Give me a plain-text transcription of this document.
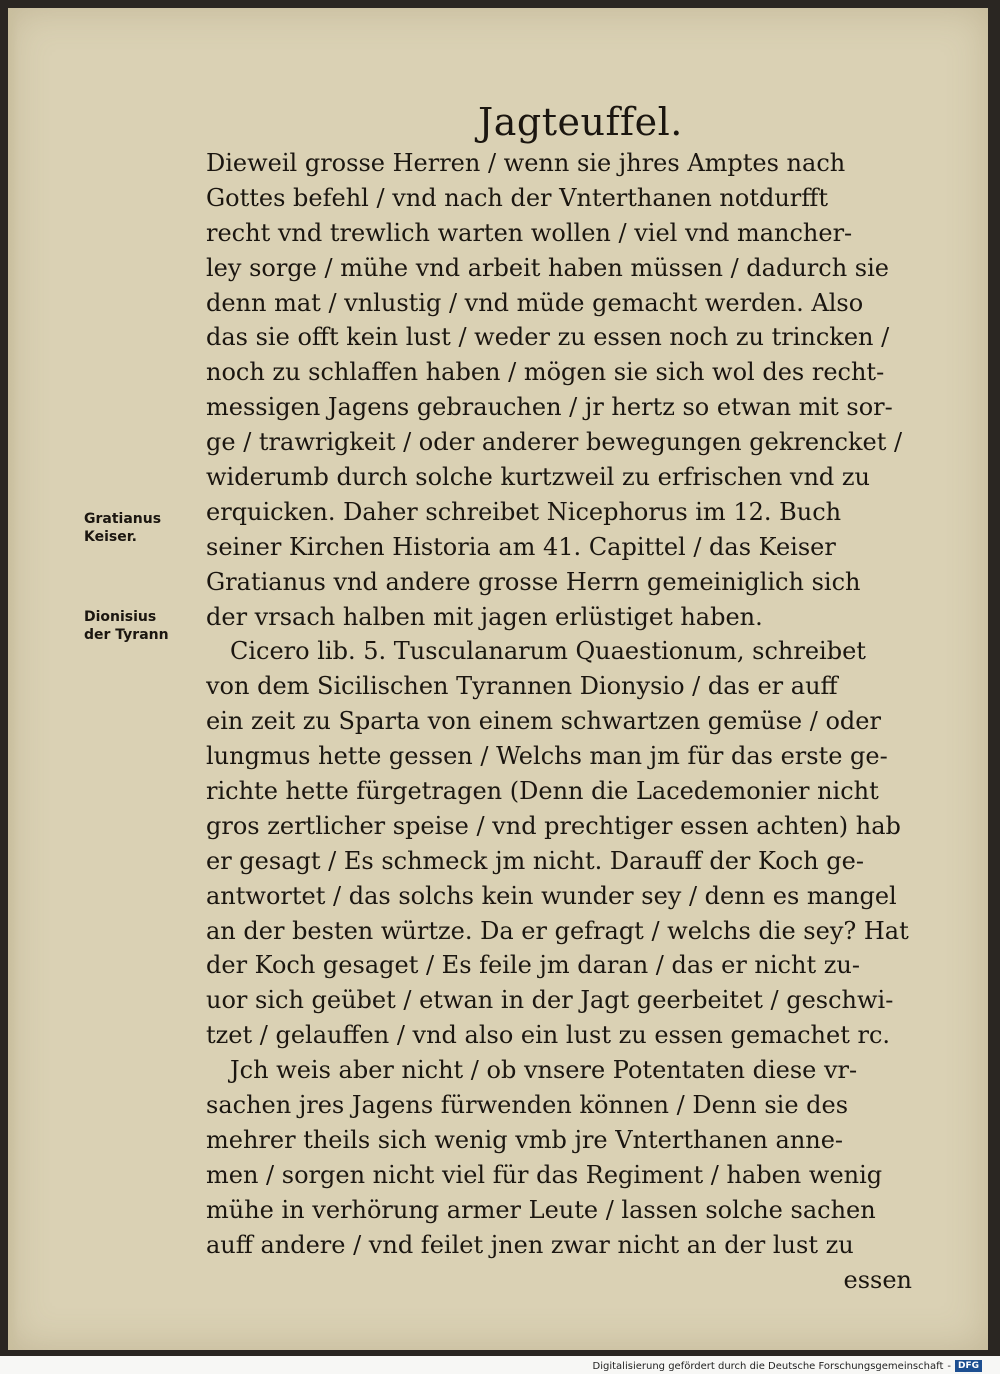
Jagteuffel.
Gratianus
Keiser.
Dionisius
der Tyrann
Dieweil grosse Herren / wenn sie jhres Amptes nach
Gottes befehl / vnd nach der Vnterthanen notdurfft
recht vnd trewlich warten wollen / viel vnd mancher-
ley sorge / mühe vnd arbeit haben müssen / dadurch sie
denn mat / vnlustig / vnd müde gemacht werden. Also
das sie offt kein lust / weder zu essen noch zu trincken /
noch zu schlaffen haben / mögen sie sich wol des recht-
messigen Jagens gebrauchen / jr hertz so etwan mit sor-
ge / trawrigkeit / oder anderer bewegungen gekrencket /
widerumb durch solche kurtzweil zu erfrischen vnd zu
erquicken. Daher schreibet Nicephorus im 12. Buch
seiner Kirchen Historia am 41. Capittel / das Keiser
Gratianus vnd andere grosse Herrn gemeiniglich sich
der vrsach halben mit jagen erlüstiget haben.
Cicero lib. 5. Tusculanarum Quaestionum, schreibet
von dem Sicilischen Tyrannen Dionysio / das er auff
ein zeit zu Sparta von einem schwartzen gemüse / oder
lungmus hette gessen / Welchs man jm für das erste ge-
richte hette fürgetragen (Denn die Lacedemonier nicht
gros zertlicher speise / vnd prechtiger essen achten) hab
er gesagt / Es schmeck jm nicht. Darauff der Koch ge-
antwortet / das solchs kein wunder sey / denn es mangel
an der besten würtze. Da er gefragt / welchs die sey? Hat
der Koch gesaget / Es feile jm daran / das er nicht zu-
uor sich geübet / etwan in der Jagt geerbeitet / geschwi-
tzet / gelauffen / vnd also ein lust zu essen gemachet rc.
Jch weis aber nicht / ob vnsere Potentaten diese vr-
sachen jres Jagens fürwenden können / Denn sie des
mehrer theils sich wenig vmb jre Vnterthanen anne-
men / sorgen nicht viel für das Regiment / haben wenig
mühe in verhörung armer Leute / lassen solche sachen
auff andere / vnd feilet jnen zwar nicht an der lust zu
essen
Digitalisierung gefördert durch die Deutsche Forschungsgemeinschaft - DFG
